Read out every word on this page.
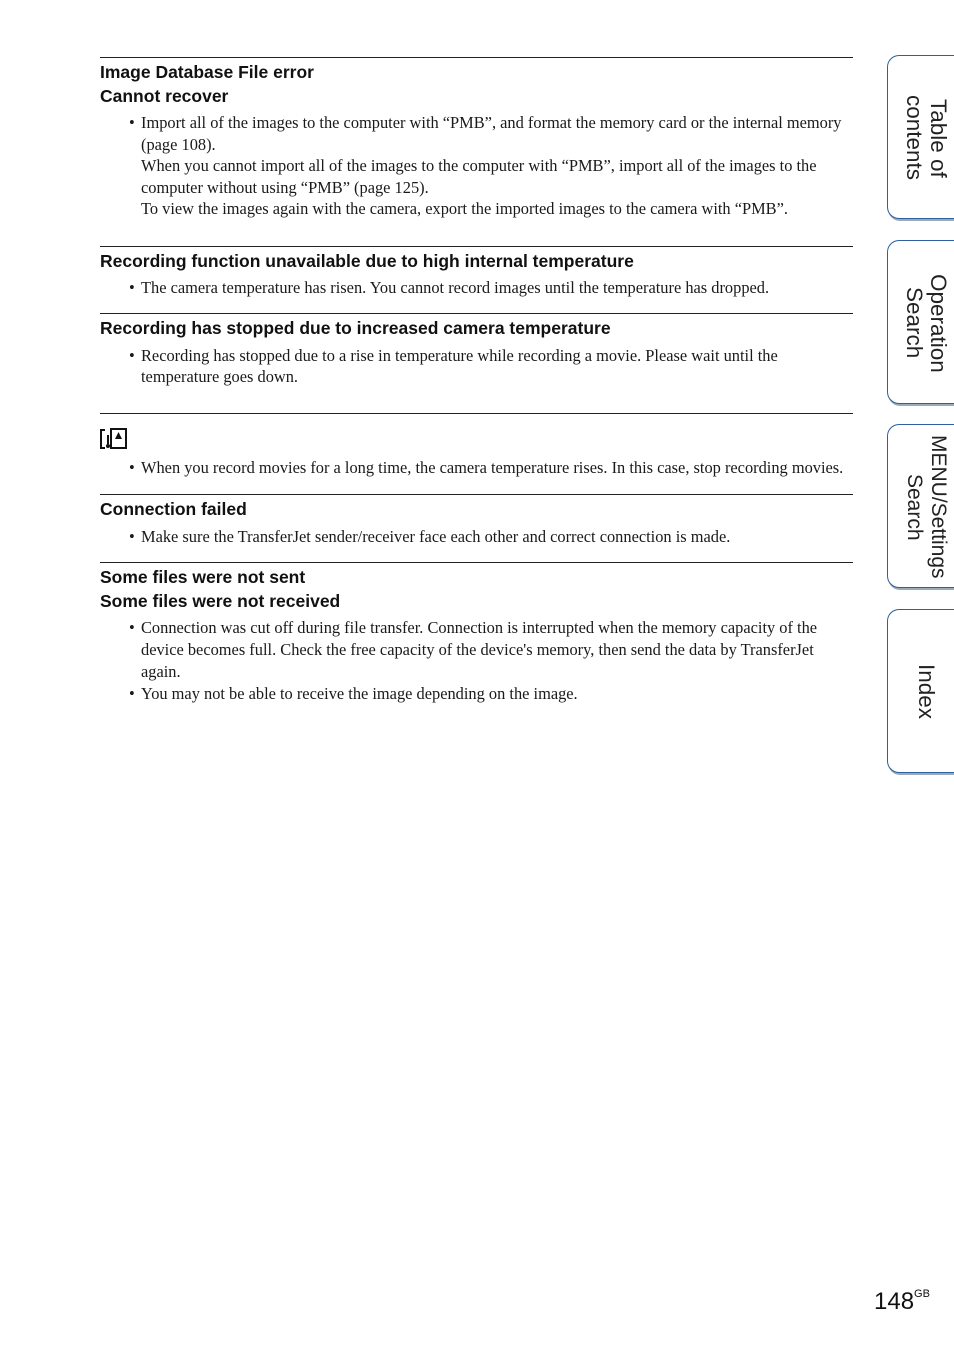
Image Database File error

Cannot recover

• Import all of the images to the computer with “PMB”, and format the memory card or the internal memory (page 108).

When you cannot import all of the images to the computer with “PMB”, import all of the images to the computer without using “PMB” (page 125).

To view the images again with the camera, export the imported images to the camera with “PMB”.

Recording function unavailable due to high internal temperature

• The camera temperature has risen. You cannot record images until the temperature has dropped.

Recording has stopped due to increased camera temperature

• Recording has stopped due to a rise in temperature while recording a movie. Please wait until the temperature goes down.

• When you record movies for a long time, the camera temperature rises. In this case, stop recording movies.

Connection failed

• Make sure the TransferJet sender/receiver face each other and correct connection is made.

Some files were not sent

Some files were not received

• Connection was cut off during file transfer. Connection is interrupted when the memory capacity of the device becomes full. Check the free capacity of the device's memory, then send the data by TransferJet again.

• You may not be able to receive the image depending on the image.

Table of
contents
Operation
Search
MENU/Settings
Search
Index
$148^{GB}$
